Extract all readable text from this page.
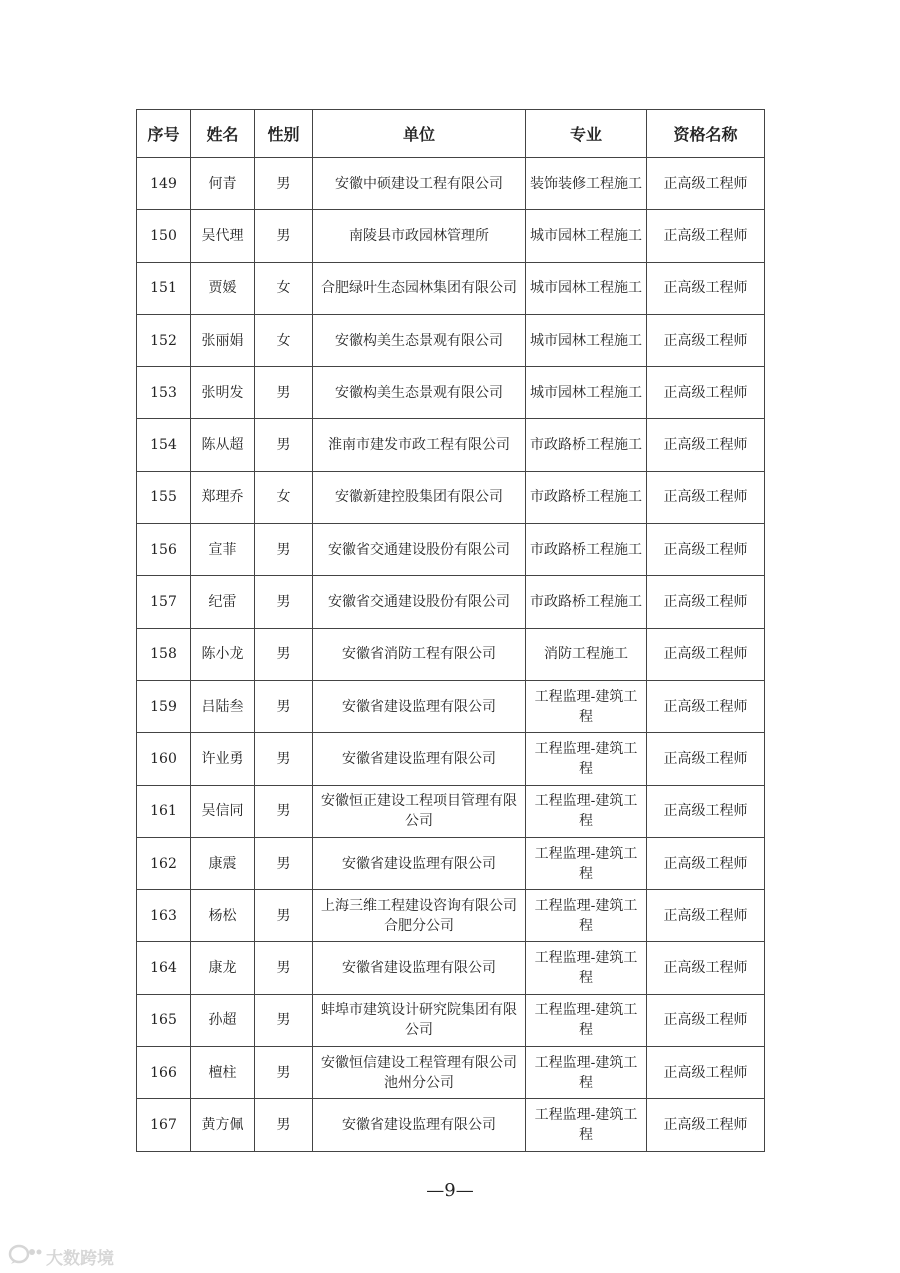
序号	姓名	性别	单位	专业	资格名称
149	何青	男	安徽中硕建设工程有限公司	装饰装修工程施工	正高级工程师
150	吴代理	男	南陵县市政园林管理所	城市园林工程施工	正高级工程师
151	贾媛	女	合肥绿叶生态园林集团有限公司	城市园林工程施工	正高级工程师
152	张丽娟	女	安徽构美生态景观有限公司	城市园林工程施工	正高级工程师
153	张明发	男	安徽构美生态景观有限公司	城市园林工程施工	正高级工程师
154	陈从超	男	淮南市建发市政工程有限公司	市政路桥工程施工	正高级工程师
155	郑理乔	女	安徽新建控股集团有限公司	市政路桥工程施工	正高级工程师
156	宣菲	男	安徽省交通建设股份有限公司	市政路桥工程施工	正高级工程师
157	纪雷	男	安徽省交通建设股份有限公司	市政路桥工程施工	正高级工程师
158	陈小龙	男	安徽省消防工程有限公司	消防工程施工	正高级工程师
159	吕陆叁	男	安徽省建设监理有限公司	工程监理-建筑工程	正高级工程师
160	许业勇	男	安徽省建设监理有限公司	工程监理-建筑工程	正高级工程师
161	吴信同	男	安徽恒正建设工程项目管理有限公司	工程监理-建筑工程	正高级工程师
162	康震	男	安徽省建设监理有限公司	工程监理-建筑工程	正高级工程师
163	杨松	男	上海三维工程建设咨询有限公司合肥分公司	工程监理-建筑工程	正高级工程师
164	康龙	男	安徽省建设监理有限公司	工程监理-建筑工程	正高级工程师
165	孙超	男	蚌埠市建筑设计研究院集团有限公司	工程监理-建筑工程	正高级工程师
166	檀柱	男	安徽恒信建设工程管理有限公司池州分公司	工程监理-建筑工程	正高级工程师
167	黄方佩	男	安徽省建设监理有限公司	工程监理-建筑工程	正高级工程师
—9—
大数跨境
